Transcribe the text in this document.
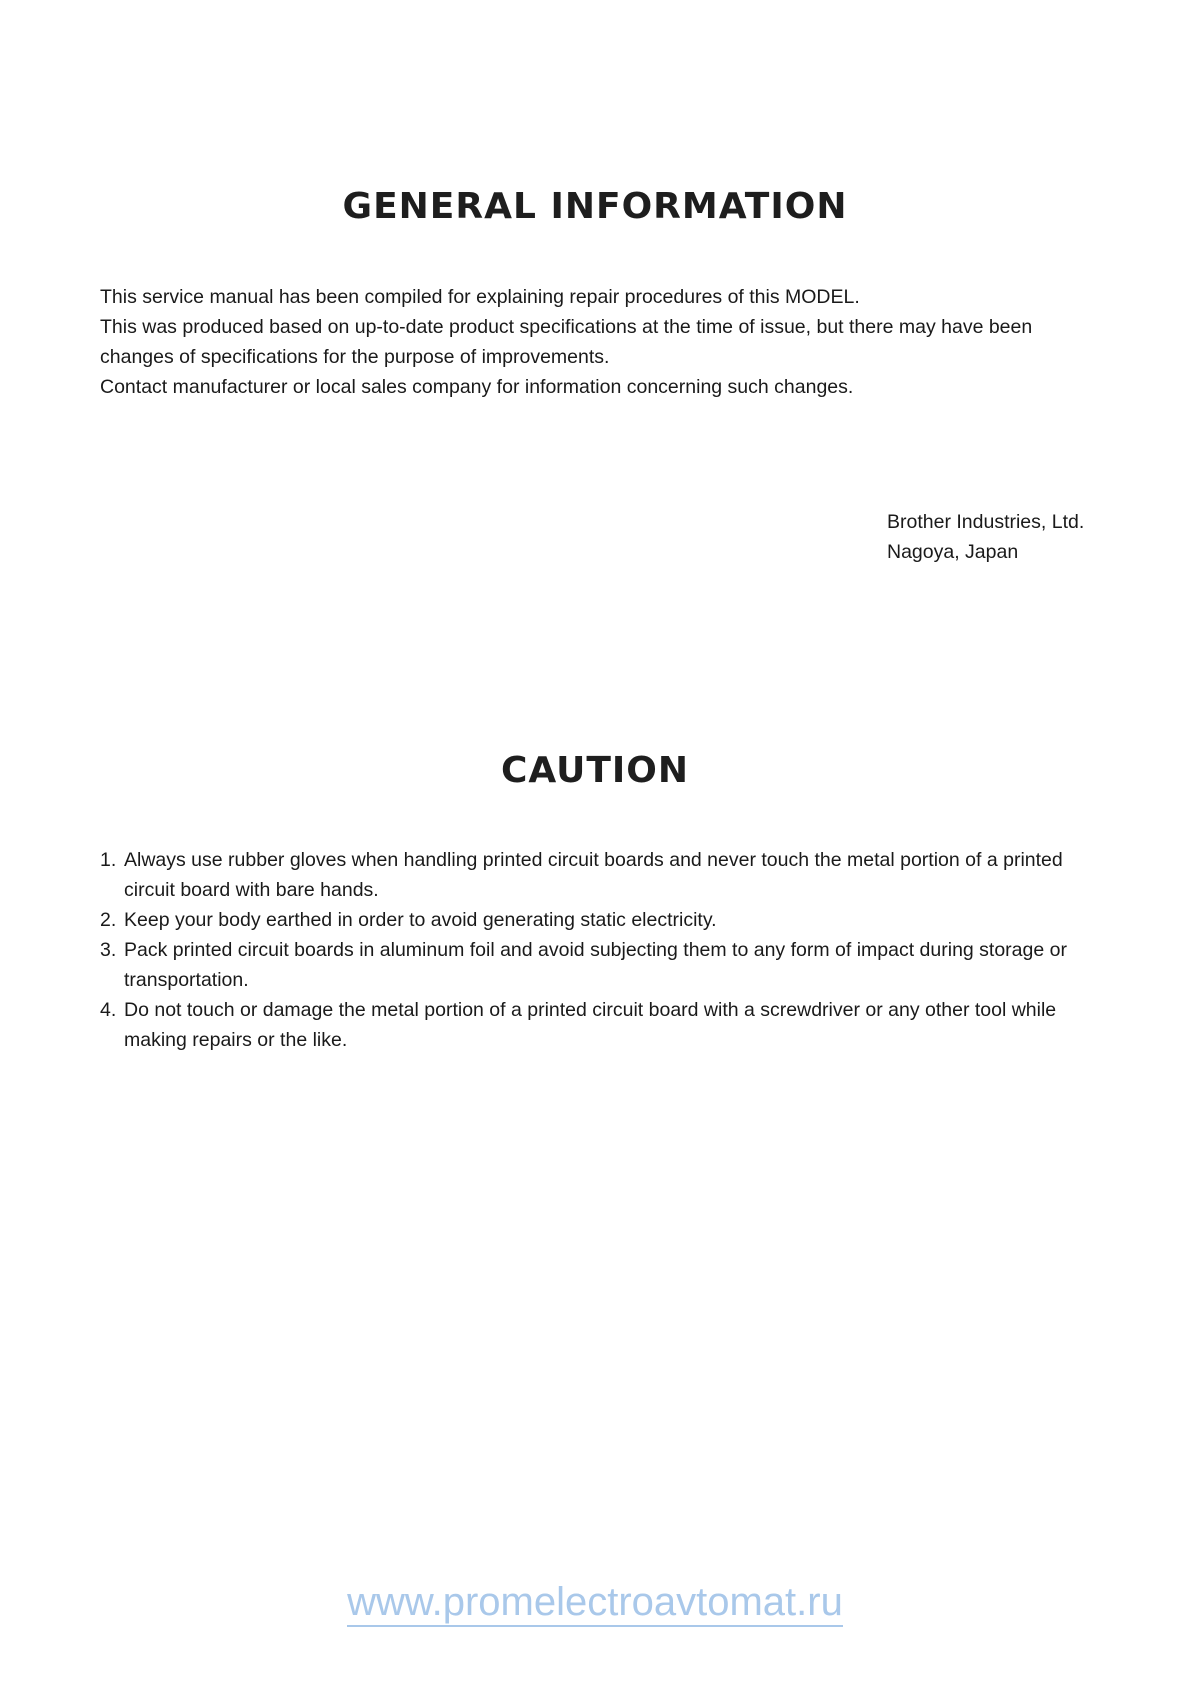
GENERAL INFORMATION

This service manual has been compiled for explaining repair procedures of this MODEL.

This was produced based on up-to-date product specifications at the time of issue, but there may have been changes of specifications for the purpose of improvements.

Contact manufacturer or local sales company for information concerning such changes.

Brother Industries, Ltd.
Nagoya, Japan
CAUTION
1. Always use rubber gloves when handling printed circuit boards and never touch the metal portion of a printed circuit board with bare hands.
2. Keep your body earthed in order to avoid generating static electricity.
3. Pack printed circuit boards in aluminum foil and avoid subjecting them to any form of impact during storage or transportation.
4. Do not touch or damage the metal portion of a printed circuit board with a screwdriver or any other tool while making repairs or the like.
www.promelectroavtomat.ru
